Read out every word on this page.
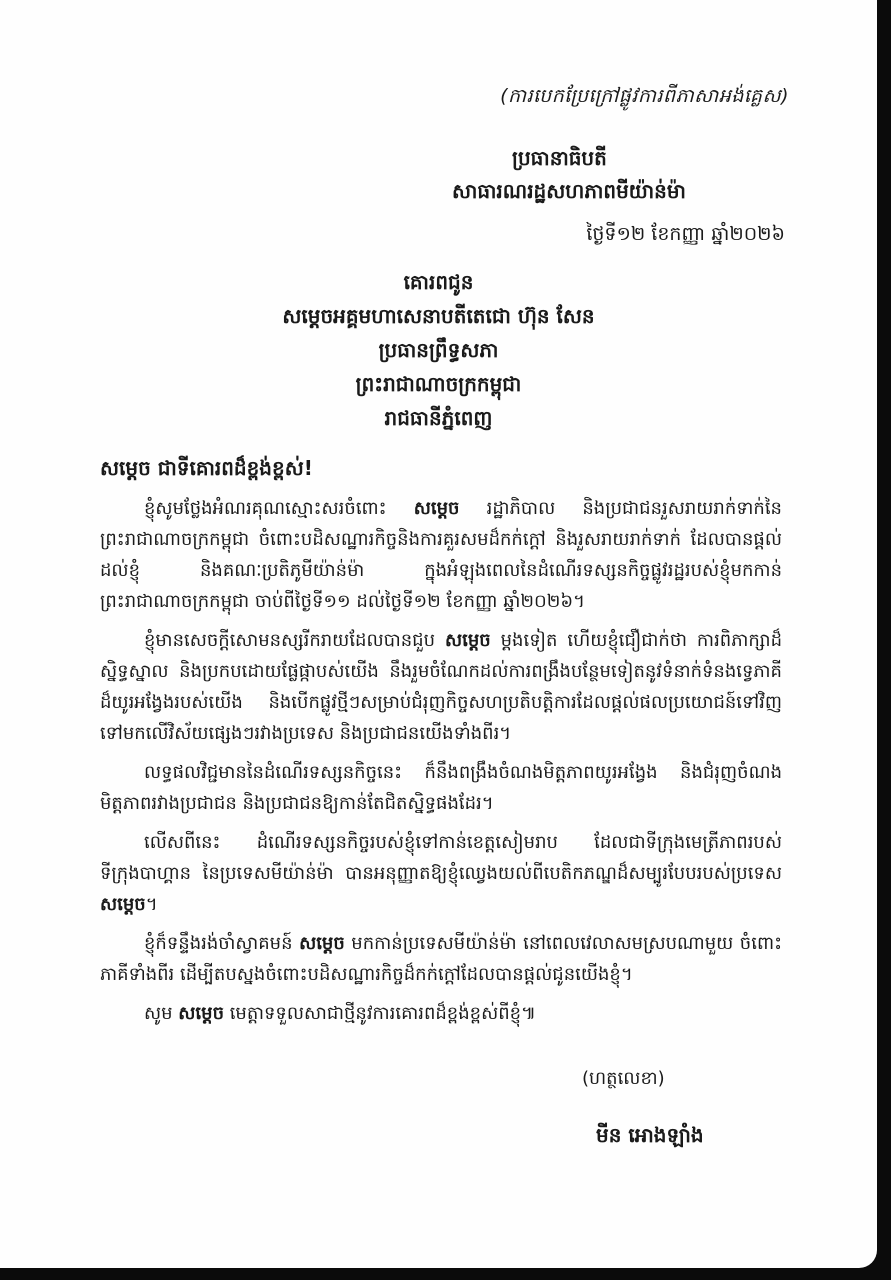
(ការបេកប្រែក្រៅផ្លូវការពីភាសាអង់គ្លេស)
ប្រធានាធិបតី
សាធារណរដ្ឋសហភាពមីយ៉ាន់ម៉ា
ថ្ងៃទី១២ ខែកញ្ញា ឆ្នាំ២០២៦
គោរពជូន
សម្តេចអគ្គមហាសេនាបតីតេជោ ហ៊ុន សែន
ប្រធានព្រឹទ្ធសភា
ព្រះរាជាណាចក្រកម្ពុជា
រាជធានីភ្នំពេញ
សម្តេច ជាទីគោរពដ៏ខ្ពង់ខ្ពស់!

ខ្ញុំសូមថ្លែងអំណរគុណស្មោះសរចំពោះ សម្តេច រដ្ឋាភិបាល និងប្រជាជនរួសរាយរាក់ទាក់នៃព្រះរាជាណាចក្រកម្ពុជា ចំពោះបដិសណ្ឋារកិច្ចនិងការគួរសមដ៏កក់ក្ដៅ និងរួសរាយរាក់ទាក់ ដែលបានផ្តល់ដល់ខ្ញុំ និងគណៈប្រតិភូមីយ៉ាន់ម៉ា ក្នុងអំឡុងពេលនៃដំណើរទស្សនកិច្ចផ្លូវរដ្ឋរបស់ខ្ញុំមកកាន់ព្រះរាជាណាចក្រកម្ពុជា ចាប់ពីថ្ងៃទី១១ ដល់ថ្ងៃទី១២ ខែកញ្ញា ឆ្នាំ២០២៦។

ខ្ញុំមានសេចក្តីសោមនស្សរីករាយដែលបានជួប សម្តេច ម្តងទៀត ហើយខ្ញុំជឿជាក់ថា ការពិភាក្សាដ៏ស្និទ្ធស្នាល និងប្រកបដោយផ្លែផ្កាបស់យើង នឹងរួមចំណែកដល់ការពង្រឹងបន្ថែមទៀតនូវទំនាក់ទំនងទ្វេភាគីដ៏យូរអង្វែងរបស់យើង និងបើកផ្លូវថ្មីៗសម្រាប់ជំរុញកិច្ចសហប្រតិបត្តិការដែលផ្តល់ផលប្រយោជន៍ទៅវិញទៅមកលើវិស័យផ្សេងៗរវាងប្រទេស និងប្រជាជនយើងទាំងពីរ។

លទ្ធផលវិជ្ជមាននៃដំណើរទស្សនកិច្ចនេះ ក៏នឹងពង្រឹងចំណងមិត្តភាពយូរអង្វែង និងជំរុញចំណងមិត្តភាពរវាងប្រជាជន និងប្រជាជនឱ្យកាន់តែជិតស្និទ្ធផងដែរ។

លើសពីនេះ ដំណើរទស្សនកិច្ចរបស់ខ្ញុំទៅកាន់ខេត្តសៀមរាប ដែលជាទីក្រុងមេត្រីភាពរបស់ទីក្រុងបាហ្គាន នៃប្រទេសមីយ៉ាន់ម៉ា បានអនុញ្ញាតឱ្យខ្ញុំឈ្វេងយល់ពីបេតិកភណ្ឌដ៏សម្បូរបែបរបស់ប្រទេស សម្តេច។

ខ្ញុំក៏ទន្ទឹងរង់ចាំស្វាគមន៍ សម្តេច មកកាន់ប្រទេសមីយ៉ាន់ម៉ា នៅពេលវេលាសមស្របណាមួយ ចំពោះភាគីទាំងពីរ ដើម្បីតបស្នងចំពោះបដិសណ្ឋារកិច្ចដ៏កក់ក្តៅដែលបានផ្តល់ជូនយើងខ្ញុំ។

សូម សម្តេច មេត្តាទទួលសាជាថ្មីនូវការគោរពដ៏ខ្ពង់ខ្ពស់ពីខ្ញុំ៕

(ហត្ថលេខា)
មីន អោងឡាំង
